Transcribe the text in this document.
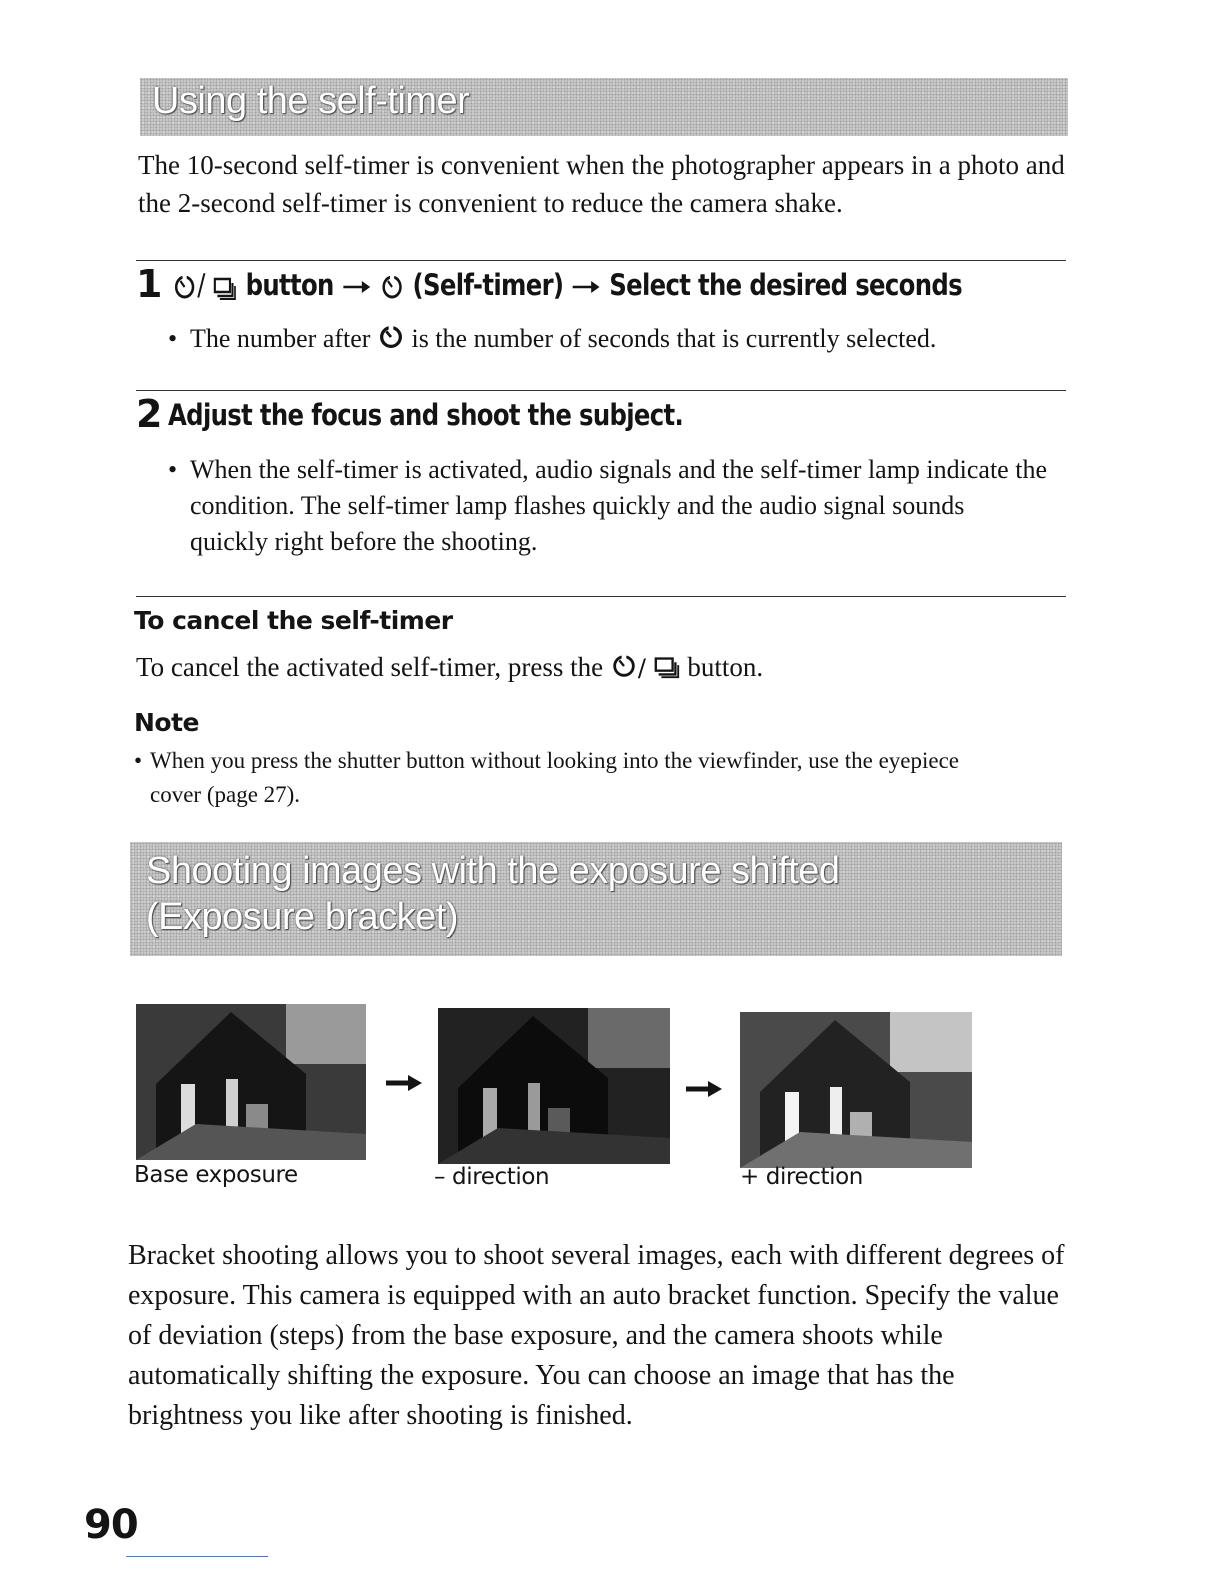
Using the self-timer
The 10-second self-timer is convenient when the photographer appears in a photo and the 2-second self-timer is convenient to reduce the camera shake.
1	/ button	(Self-timer) Select the desired seconds
• The number after is the number of seconds that is currently selected.
2 Adjust the focus and shoot the subject.
• When the self-timer is activated, audio signals and the self-timer lamp indicate the condition. The self-timer lamp flashes quickly and the audio signal sounds quickly right before the shooting.
To cancel the self-timer
To cancel the activated self-timer, press the / button.
Note
• When you press the shutter button without looking into the viewfinder, use the eyepiece cover (page 27).
Shooting images with the exposure shifted (Exposure bracket)
Base exposure	– direction	+ direction
Bracket shooting allows you to shoot several images, each with different degrees of exposure. This camera is equipped with an auto bracket function. Specify the value of deviation (steps) from the base exposure, and the camera shoots while automatically shifting the exposure. You can choose an image that has the brightness you like after shooting is finished.
90
